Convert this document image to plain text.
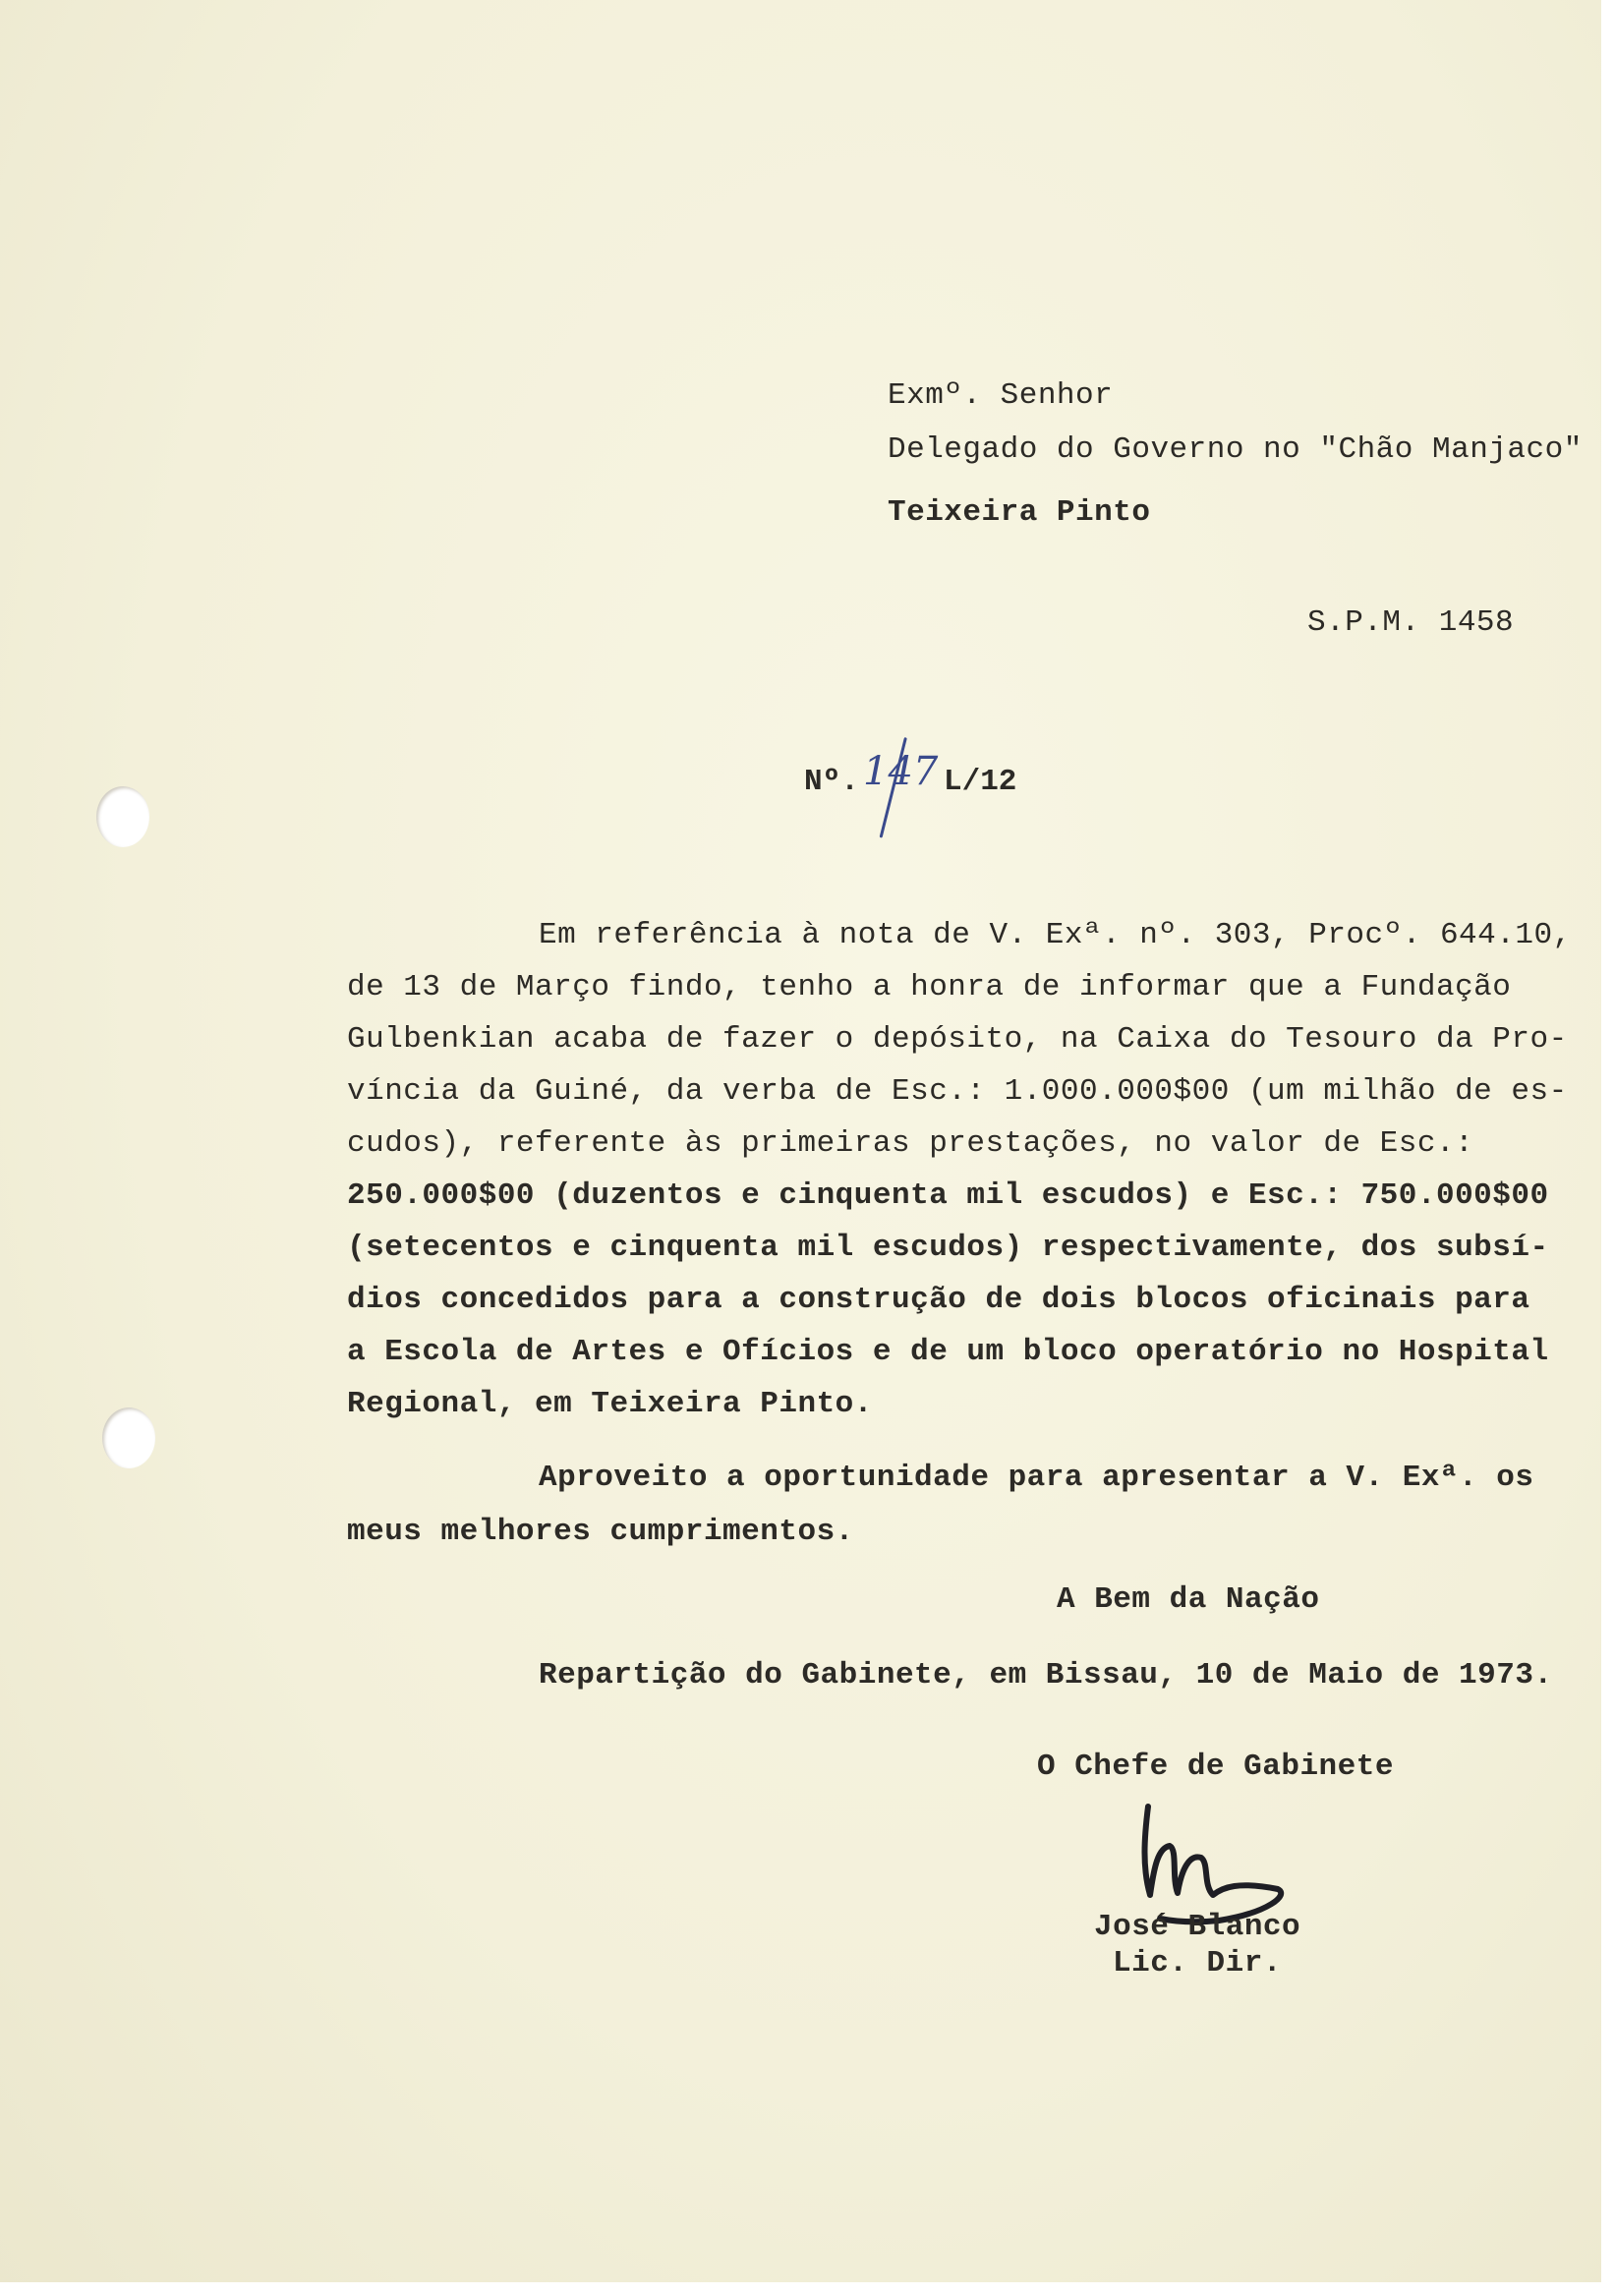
Exmº. Senhor
Delegado do Governo no "Chão Manjaco"
Teixeira Pinto
S.P.M. 1458
Nº. 147 L/12
Em referência à nota de V. Exª. nº. 303, Procº. 644.10,
de 13 de Março findo, tenho a honra de informar que a Fundação
Gulbenkian acaba de fazer o depósito, na Caixa do Tesouro da Pro-
víncia da Guiné, da verba de Esc.: 1.000.000$00 (um milhão de es-
cudos), referente às primeiras prestações, no valor de Esc.:
250.000$00 (duzentos e cinquenta mil escudos) e Esc.: 750.000$00
(setecentos e cinquenta mil escudos) respectivamente, dos subsí-
dios concedidos para a construção de dois blocos oficinais para
a Escola de Artes e Ofícios e de um bloco operatório no Hospital
Regional, em Teixeira Pinto.
Aproveito a oportunidade para apresentar a V. Exª. os
meus melhores cumprimentos.
A Bem da Nação
Repartição do Gabinete, em Bissau, 10 de Maio de 1973.
O Chefe de Gabinete
José Blanco
Lic. Dir.
